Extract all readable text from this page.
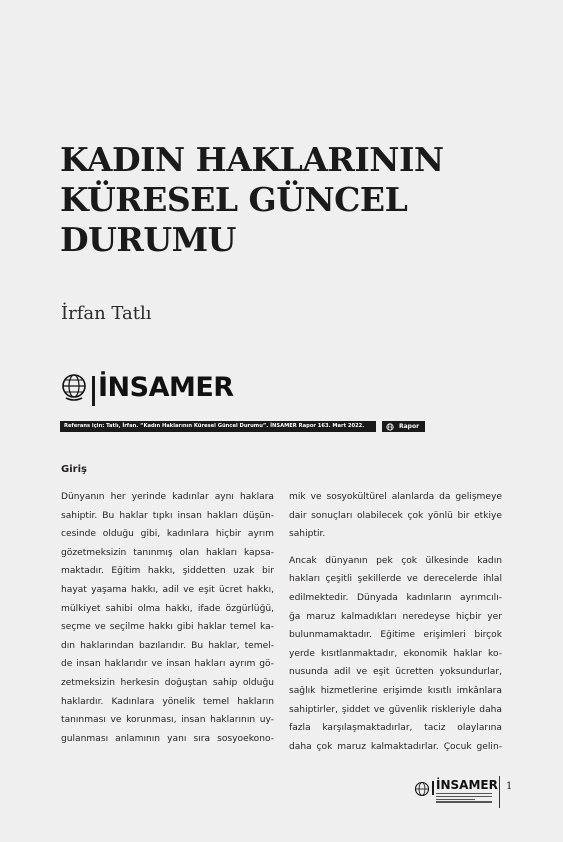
KADIN HAKLARININ
KÜRESEL GÜNCEL
DURUMU
İrfan Tatlı
İNSAMER
Referans için: Tatlı, İrfan. “Kadın Haklarının Küresel Güncel Durumu”. İNSAMER Rapor 163. Mart 2022.	Rapor
Giriş
Dünyanın her yerinde kadınlar aynı haklara
sahiptir. Bu haklar tıpkı insan hakları düşün-
cesinde olduğu gibi, kadınlara hiçbir ayrım
gözetmeksizin tanınmış olan hakları kapsa-
maktadır. Eğitim hakkı, şiddetten uzak bir
hayat yaşama hakkı, adil ve eşit ücret hakkı,
mülkiyet sahibi olma hakkı, ifade özgürlüğü,
seçme ve seçilme hakkı gibi haklar temel ka-
dın haklarından bazılarıdır. Bu haklar, temel-
de insan haklarıdır ve insan hakları ayrım gö-
zetmeksizin herkesin doğuştan sahip olduğu
haklardır. Kadınlara yönelik temel hakların
tanınması ve korunması, insan haklarının uy-
gulanması anlamının yanı sıra sosyoekono-
mik ve sosyokültürel alanlarda da gelişmeye
dair sonuçları olabilecek çok yönlü bir etkiye
sahiptir.
Ancak dünyanın pek çok ülkesinde kadın
hakları çeşitli şekillerde ve derecelerde ihlal
edilmektedir. Dünyada kadınların ayrımcılı-
ğa maruz kalmadıkları neredeyse hiçbir yer
bulunmamaktadır. Eğitime erişimleri birçok
yerde kısıtlanmaktadır, ekonomik haklar ko-
nusunda adil ve eşit ücretten yoksundurlar,
sağlık hizmetlerine erişimde kısıtlı imkânlara
sahiptirler, şiddet ve güvenlik riskleriyle daha
fazla karşılaşmaktadırlar, taciz olaylarına
daha çok maruz kalmaktadırlar. Çocuk gelin-
İNSAMER 1
